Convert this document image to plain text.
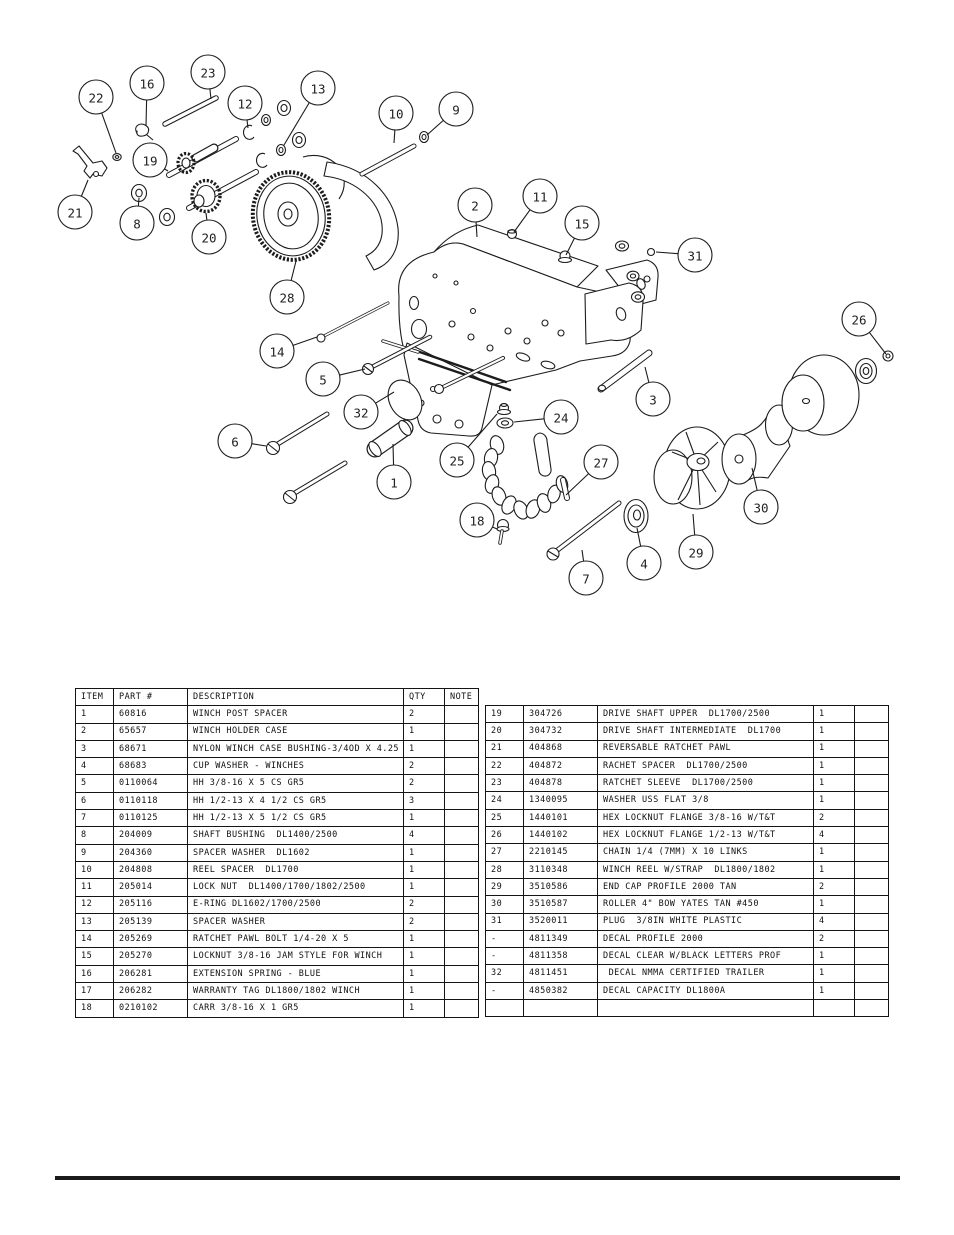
22
16
23
12
13
10	9
19
21
8
20
28
2
11
15
31
26
3
14
5
32
6
1
24
25	27
18
7
4
29
30
ITEM	PART #	DESCRIPTION	QTY	NOTE
1	60816	WINCH POST SPACER	2	
2	65657	WINCH HOLDER CASE	1	
3	68671	NYLON WINCH CASE BUSHING-3/4OD X 4.25	1	
4	68683	CUP WASHER - WINCHES	2	
5	0110064	HH 3/8-16 X 5 CS GR5	2	
6	0110118	HH 1/2-13 X 4 1/2 CS GR5	3	
7	0110125	HH 1/2-13 X 5 1/2 CS GR5	1	
8	204009	SHAFT BUSHING  DL1400/2500	4	
9	204360	SPACER WASHER  DL1602	1	
10	204808	REEL SPACER  DL1700	1	
11	205014	LOCK NUT  DL1400/1700/1802/2500	1	
12	205116	E-RING DL1602/1700/2500	2	
13	205139	SPACER WASHER	2	
14	205269	RATCHET PAWL BOLT 1/4-20 X 5	1	
15	205270	LOCKNUT 3/8-16 JAM STYLE FOR WINCH	1	
16	206281	EXTENSION SPRING - BLUE	1	
17	206282	WARRANTY TAG DL1800/1802 WINCH	1	
18	0210102	CARR 3/8-16 X 1 GR5	1	
19	304726	DRIVE SHAFT UPPER  DL1700/2500	1	
20	304732	DRIVE SHAFT INTERMEDIATE  DL1700	1	
21	404868	REVERSABLE RATCHET PAWL	1	
22	404872	RACHET SPACER  DL1700/2500	1	
23	404878	RATCHET SLEEVE  DL1700/2500	1	
24	1340095	WASHER USS FLAT 3/8	1	
25	1440101	HEX LOCKNUT FLANGE 3/8-16 W/T&T	2	
26	1440102	HEX LOCKNUT FLANGE 1/2-13 W/T&T	4	
27	2210145	CHAIN 1/4 (7MM) X 10 LINKS	1	
28	3110348	WINCH REEL W/STRAP  DL1800/1802	1	
29	3510586	END CAP PROFILE 2000 TAN	2	
30	3510587	ROLLER 4" BOW YATES TAN #450	1	
31	3520011	PLUG  3/8IN WHITE PLASTIC	4	
-	4811349	DECAL PROFILE 2000	2	
-	4811358	DECAL CLEAR W/BLACK LETTERS PROF	1	
32	4811451	DECAL NMMA CERTIFIED TRAILER	1	
-	4850382	DECAL CAPACITY DL1800A	1	
